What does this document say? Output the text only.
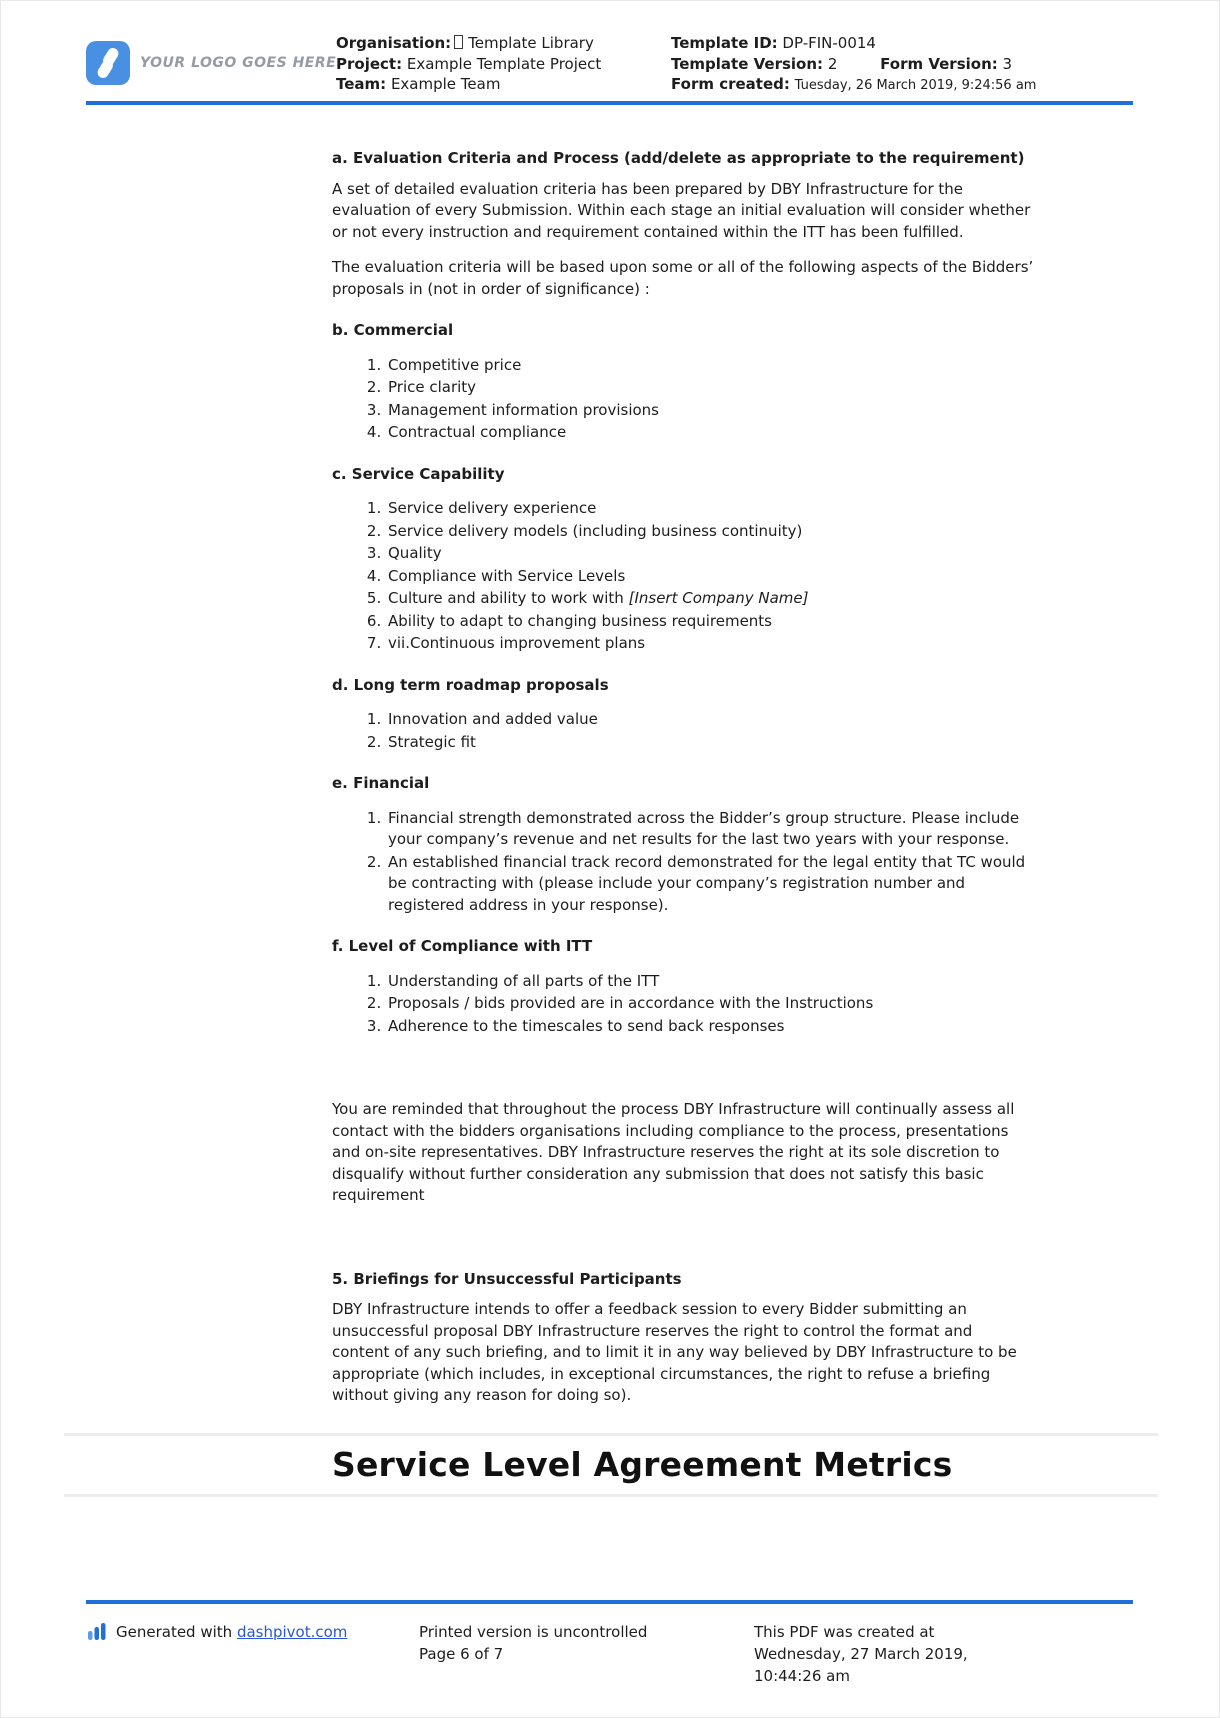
YOUR LOGO GOES HERE
Organisation: Template Library
Project: Example Template Project
Team: Example Team
Template ID: DP-FIN-0014
Template Version: 2	Form Version: 3
Form created: Tuesday, 26 March 2019, 9:24:56 am
a. Evaluation Criteria and Process (add/delete as appropriate to the requirement)

A set of detailed evaluation criteria has been prepared by DBY Infrastructure for the evaluation of every Submission. Within each stage an initial evaluation will consider whether or not every instruction and requirement contained within the ITT has been fulfilled.

The evaluation criteria will be based upon some or all of the following aspects of the Bidders’ proposals in (not in order of significance) :

b. Commercial
1. Competitive price
2. Price clarity
3. Management information provisions
4. Contractual compliance
c. Service Capability
1. Service delivery experience
2. Service delivery models (including business continuity)
3. Quality
4. Compliance with Service Levels
5. Culture and ability to work with [Insert Company Name]
6. Ability to adapt to changing business requirements
7. vii.Continuous improvement plans
d. Long term roadmap proposals
1. Innovation and added value
2. Strategic fit
e. Financial
1. Financial strength demonstrated across the Bidder’s group structure. Please include your company’s revenue and net results for the last two years with your response.
2. An established financial track record demonstrated for the legal entity that TC would be contracting with (please include your company’s registration number and registered address in your response).
f. Level of Compliance with ITT
1. Understanding of all parts of the ITT
2. Proposals / bids provided are in accordance with the Instructions
3. Adherence to the timescales to send back responses

You are reminded that throughout the process DBY Infrastructure will continually assess all contact with the bidders organisations including compliance to the process, presentations and on-site representatives. DBY Infrastructure reserves the right at its sole discretion to disqualify without further consideration any submission that does not satisfy this basic requirement

5. Briefings for Unsuccessful Participants

DBY Infrastructure intends to offer a feedback session to every Bidder submitting an unsuccessful proposal DBY Infrastructure reserves the right to control the format and content of any such briefing, and to limit it in any way believed by DBY Infrastructure to be appropriate (which includes, in exceptional circumstances, the right to refuse a briefing without giving any reason for doing so).

Service Level Agreement Metrics
Generated with dashpivot.com	Printed version is uncontrolled
Page 6 of 7
This PDF was created at
Wednesday, 27 March 2019,
10:44:26 am
